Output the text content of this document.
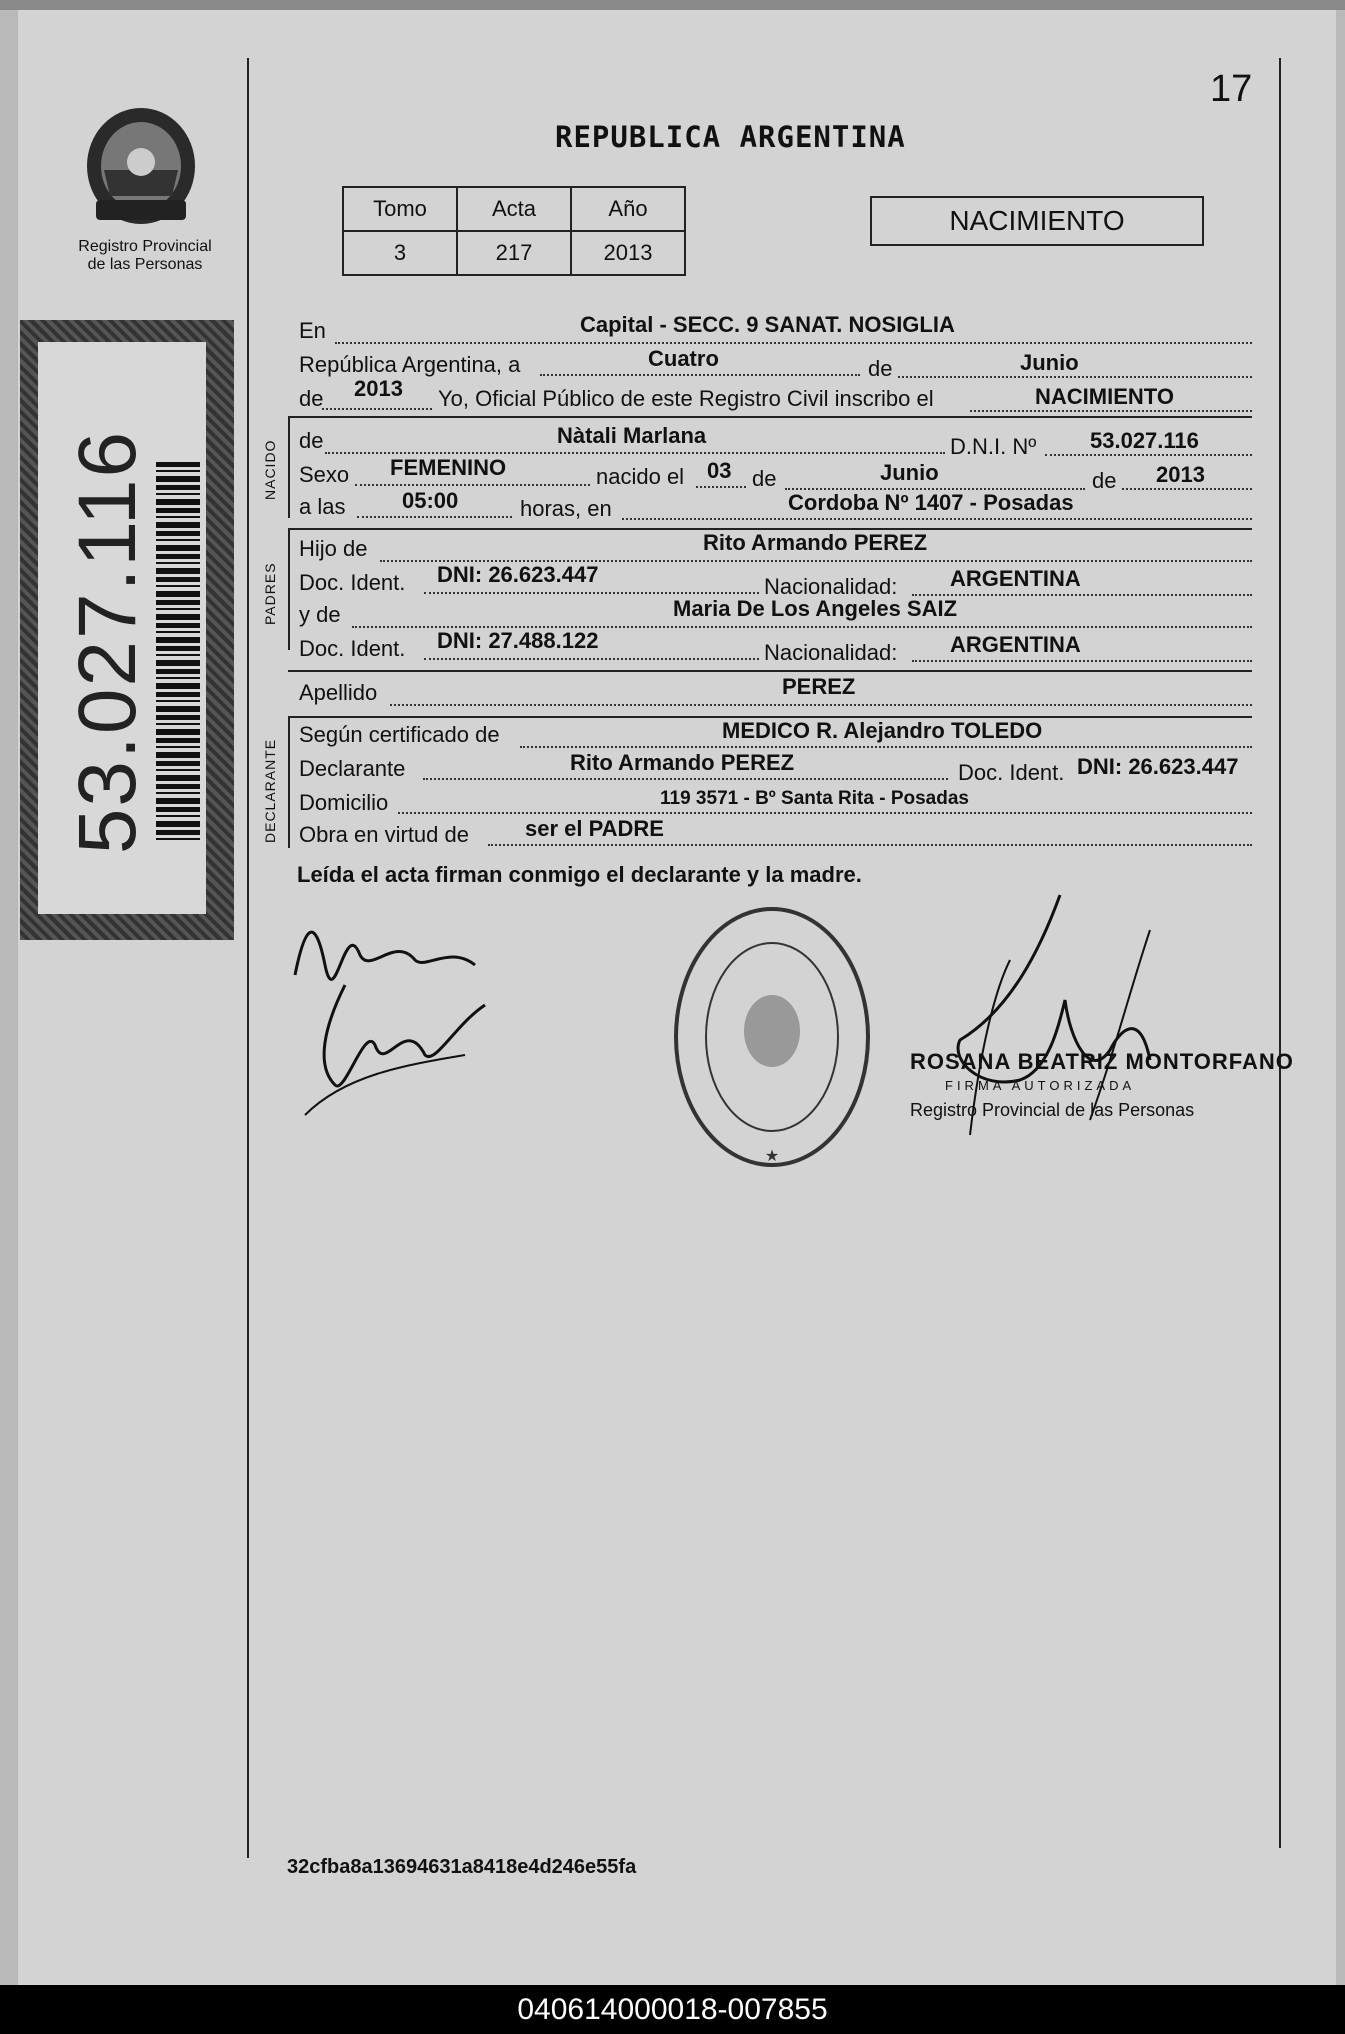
17
Registro Provincial
de las Personas
53.027.116
REPUBLICA ARGENTINA
Tomo	Acta	Año
3	217	2013
NACIMIENTO
En	Capital - SECC. 9 SANAT. NOSIGLIA
República Argentina, a	Cuatro	de	Junio
de 2013 Yo, Oficial Público de este Registro Civil inscribo el	NACIMIENTO
NACIDO de	Nàtali Marlana	D.N.I. Nº 53.027.116
Sexo FEMENINO	nacido el 03 de	Junio	de 2013
a las	05:00	horas, en	Cordoba Nº 1407 - Posadas
PADRES
Hijo de	Rito Armando PEREZ
Doc. Ident. DNI: 26.623.447	Nacionalidad: ARGENTINA
y de	Maria De Los Angeles SAIZ
Doc. Ident. DNI: 27.488.122	Nacionalidad: ARGENTINA
Apellido	PEREZ
DECLARANTE
Según certificado de	MEDICO R. Alejandro TOLEDO
Declarante	Rito Armando PEREZ	Doc. Ident. DNI: 26.623.447
Domicilio	119 3571 - Bº Santa Rita - Posadas
Obra en virtud de	ser el PADRE
Leída el acta firman conmigo el declarante y la madre.
★
ROSANA BEATRIZ MONTORFANO
FIRMA AUTORIZADA
Registro Provincial de las Personas
32cfba8a13694631a8418e4d246e55fa
040614000018-007855
